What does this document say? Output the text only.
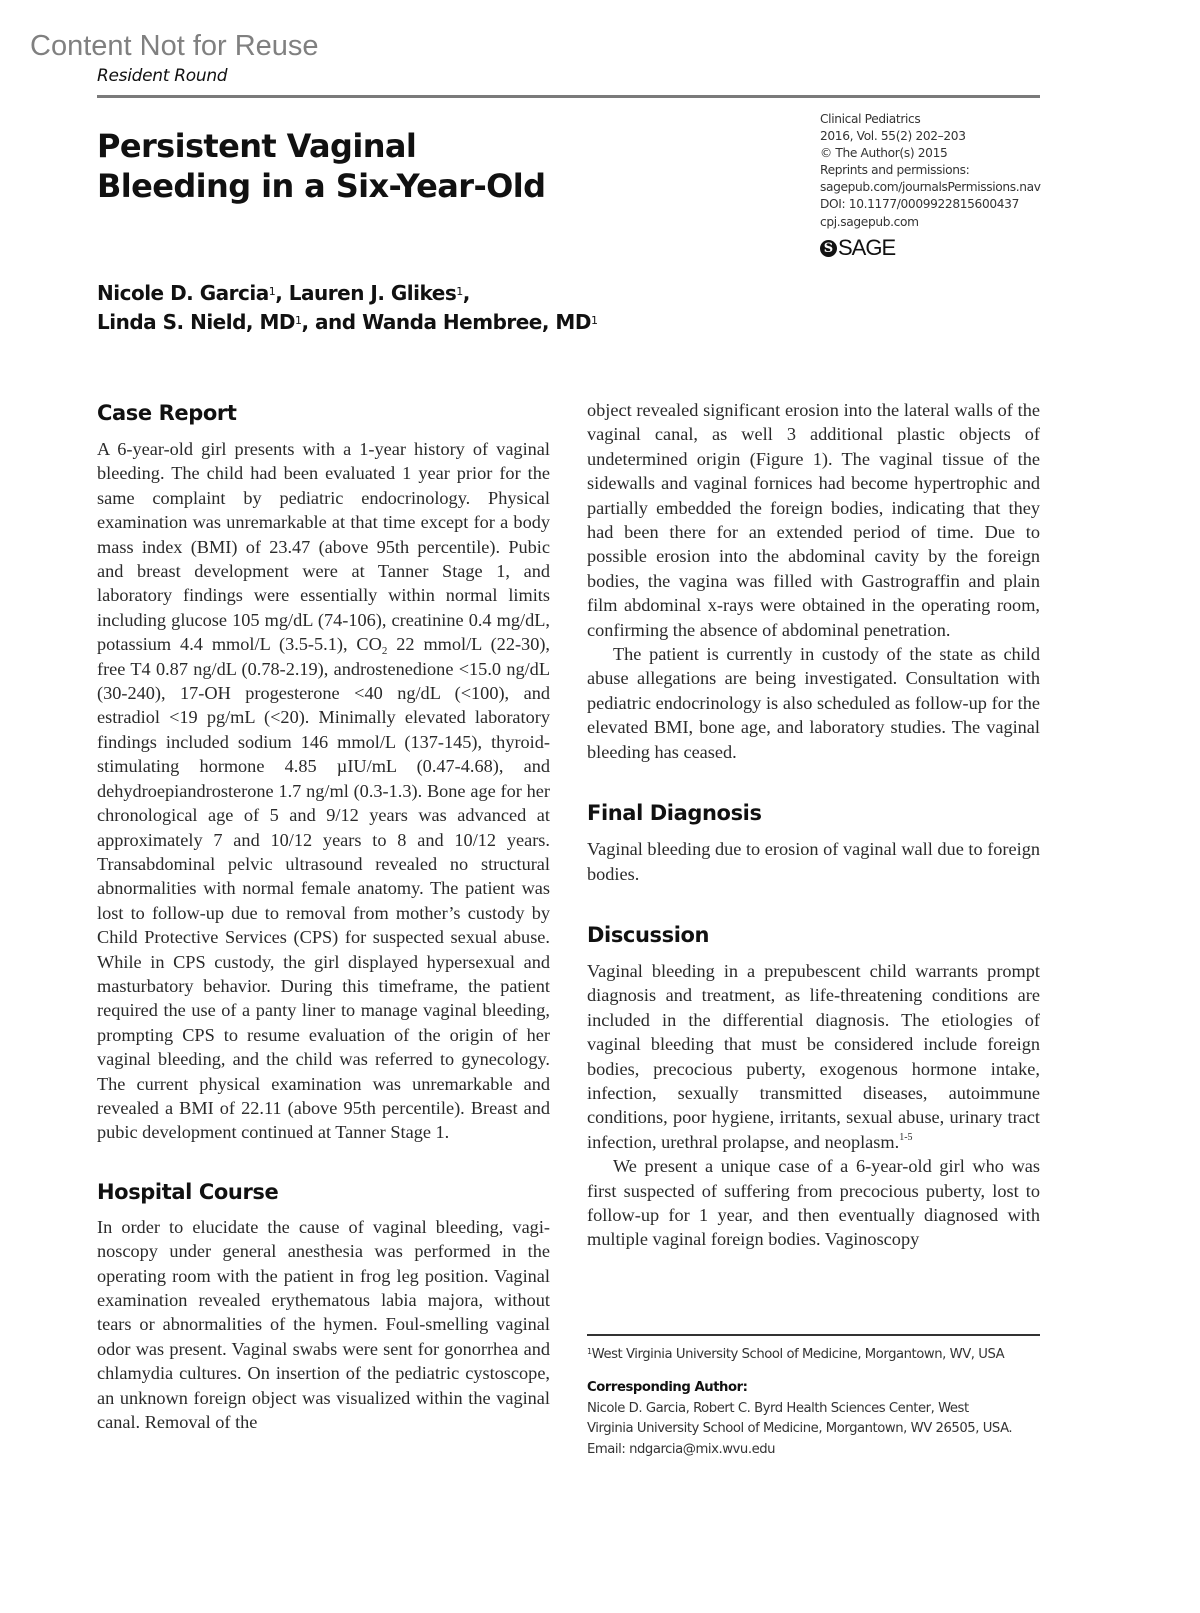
Content Not for Reuse
Resident Round
Clinical Pediatrics
2016, Vol. 55(2) 202–203
© The Author(s) 2015
Reprints and permissions:
sagepub.com/journalsPermissions.nav
DOI: 10.1177/0009922815600437
cpj.sagepub.com
S SAGE
Persistent Vaginal
Bleeding in a Six-Year-Old
Nicole D. Garcia$^1$, Lauren J. Glikes$^1$,
Linda S. Nield, $MD^1$, and Wanda Hembree, $MD^1$
Case Report

A 6-year-old girl presents with a 1-year history of vaginal bleeding. The child had been evaluated 1 year prior for the same complaint by pediatric endocrinology. Physical examination was unremarkable at that time except for a body mass index (BMI) of 23.47 (above 95th percentile). Pubic and breast development were at Tanner Stage 1, and laboratory findings were essentially within normal limits including glucose 105 mg/dL (74-106), creatinine 0.4 mg/dL, potassium 4.4 mmol/L (3.5-5.1), $CO_2$ 22 mmol/L (22-30), free T4 0.87 ng/dL (0.78-2.19), androstenedione <15.0 ng/dL (30-240), 17-OH progesterone <40 ng/dL (<100), and estradiol <19 pg/mL (<20). Minimally elevated laboratory findings included sodium 146 mmol/L (137-145), thyroid-stimulating hormone 4.85 µIU/mL (0.47-4.68), and dehydroepiandrosterone 1.7 ng/ml (0.3-1.3). Bone age for her chronological age of 5 and 9/12 years was advanced at approximately 7 and 10/12 years to 8 and 10/12 years. Transabdominal pelvic ultrasound revealed no structural abnormalities with normal female anatomy. The patient was lost to follow-up due to removal from mother’s custody by Child Protective Services (CPS) for suspected sexual abuse. While in CPS custody, the girl displayed hypersexual and masturbatory behavior. During this timeframe, the patient required the use of a panty liner to manage vaginal bleeding, prompting CPS to resume evaluation of the origin of her vaginal bleeding, and the child was referred to gynecology. The current physical examination was unremarkable and revealed a BMI of 22.11 (above 95th percentile). Breast and pubic development continued at Tanner Stage 1.

Hospital Course

In order to elucidate the cause of vaginal bleeding, vaginoscopy under general anesthesia was performed in the operating room with the patient in frog leg position. Vaginal examination revealed erythematous labia majora, without tears or abnormalities of the hymen. Foul-smelling vaginal odor was present. Vaginal swabs were sent for gonorrhea and chlamydia cultures. On insertion of the pediatric cystoscope, an unknown foreign object was visualized within the vaginal canal. Removal of the

object revealed significant erosion into the lateral walls of the vaginal canal, as well 3 additional plastic objects of undetermined origin (Figure 1). The vaginal tissue of the sidewalls and vaginal fornices had become hypertrophic and partially embedded the foreign bodies, indicating that they had been there for an extended period of time. Due to possible erosion into the abdominal cavity by the foreign bodies, the vagina was filled with Gastrograffin and plain film abdominal x-rays were obtained in the operating room, confirming the absence of abdominal penetration.

The patient is currently in custody of the state as child abuse allegations are being investigated. Consultation with pediatric endocrinology is also scheduled as follow-up for the elevated BMI, bone age, and laboratory studies. The vaginal bleeding has ceased.

Final Diagnosis

Vaginal bleeding due to erosion of vaginal wall due to foreign bodies.

Discussion

Vaginal bleeding in a prepubescent child warrants prompt diagnosis and treatment, as life-threatening conditions are included in the differential diagnosis. The etiologies of vaginal bleeding that must be considered include foreign bodies, precocious puberty, exogenous hormone intake, infection, sexually transmitted diseases, autoimmune conditions, poor hygiene, irritants, sexual abuse, urinary tract infection, urethral prolapse, and neoplasm.$^{1-5}$

We present a unique case of a 6-year-old girl who was first suspected of suffering from precocious puberty, lost to follow-up for 1 year, and then eventually diagnosed with multiple vaginal foreign bodies. Vaginoscopy

$^1$West Virginia University School of Medicine, Morgantown, WV, USA
Corresponding Author:
Nicole D. Garcia, Robert C. Byrd Health Sciences Center, West
Virginia University School of Medicine, Morgantown, WV 26505, USA.
Email: ndgarcia@mix.wvu.edu
